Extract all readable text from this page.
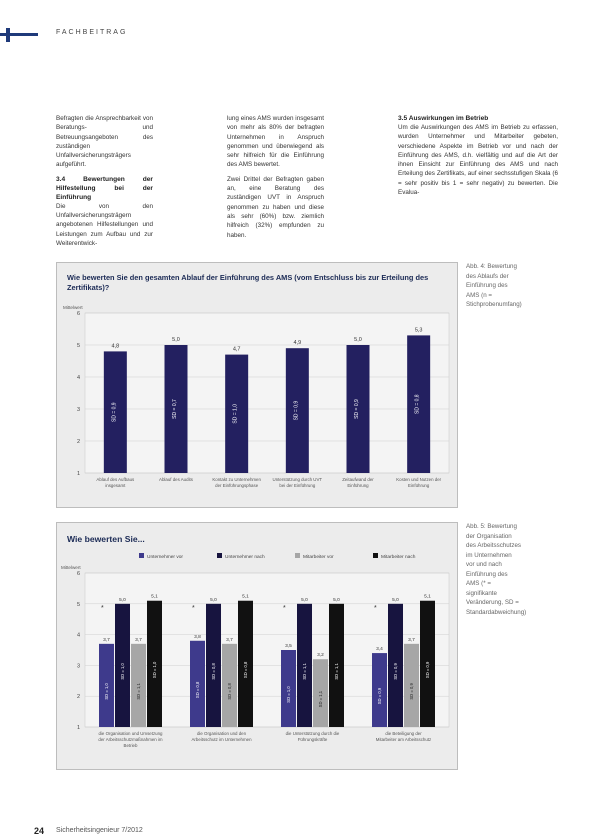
FACHBEITRAG

Befragten die Ansprechbarkeit von Beratungs- und Betreuungsangeboten des zuständigen Unfallversicherungsträgers aufgeführt.

3.4 Bewertungen der Hilfestellung bei der Einführung

Die von den Unfallversicherungsträgern angebotenen Hilfestellungen und Leistungen zum Aufbau und zur Weiterentwick-

lung eines AMS wurden insgesamt von mehr als 80% der befragten Unternehmen in Anspruch genommen und überwiegend als sehr hilfreich für die Einführung des AMS bewertet.

Zwei Drittel der Befragten gaben an, eine Beratung des zuständigen UVT in Anspruch genommen zu haben und diese als sehr (60%) bzw. ziemlich hilfreich (32%) empfunden zu haben.

3.5 Auswirkungen im Betrieb

Um die Auswirkungen des AMS im Betrieb zu erfassen, wurden Unternehmer und Mitarbeiter gebeten, verschiedene Aspekte im Betrieb vor und nach der Einführung des AMS, d.h. vielfältig und auf die Art der ihnen Einsicht zur Einführung des AMS und nach Erteilung des Zertifikats, auf einer sechsstufigen Skala (6 = sehr positiv bis 1 = sehr negativ) zu bewerten. Die Evalua-

Wie bewerten Sie den gesamten Ablauf der Einführung des AMS (vom Entschluss bis zur Erteilung des Zertifikats)?
1
2
3
4
5
6
Mittelwert
4,8
SD = 0,9
Ablauf des Aufbaus
insgesamt
5,0
SD = 0,7
Ablauf des Audits
4,7
SD = 1,0
Kontakt zu Unternehmen
der Einführungsphase
4,9
SD = 0,9
Unterstützung durch UVT
bei der Einführung
5,0
SD = 0,9
Zeitaufwand der
Einführung
5,3
SD = 0,8
Kosten und Nutzen der
Einführung
Abb. 4: Bewertung des Ablaufs der Einführung des AMS (n = Stichprobenumfang)
Wie bewerten Sie...
Unternehmer vor	Unternehmer nach	Mitarbeiter vor	Mitarbeiter nach
1
2
3
4
5
6
Mittelwert
3,7
SD = 1,0
5,0
SD = 1,0
3,7
SD = 1,1
5,1
SD = 1,0
*
die Organisation und Umsetzung
der Arbeitsschutzmaßnahmen im
Betrieb
3,8
SD = 0,8
5,0
SD = 0,8
3,7
SD = 0,8
5,1
SD = 0,8
*
die Organisation und den
Arbeitsschutz im Unternehmen
3,5
SD = 1,0
5,0
SD = 1,1
3,2
SD = 1,1
5,0
SD = 1,1
*
die Unterstützung durch die
Führungskräfte
3,4
SD = 0,9
5,0
SD = 0,9
3,7
SD = 0,9
5,1
SD = 0,9
*
die Beteiligung der
Mitarbeiter am Arbeitsschutz
Abb. 5: Bewertung der Organisation des Arbeitsschutzes im Unternehmen vor und nach Einführung des AMS (* = signifikante Veränderung, SD = Standardabweichung)
24 Sicherheitsingenieur 7/2012
